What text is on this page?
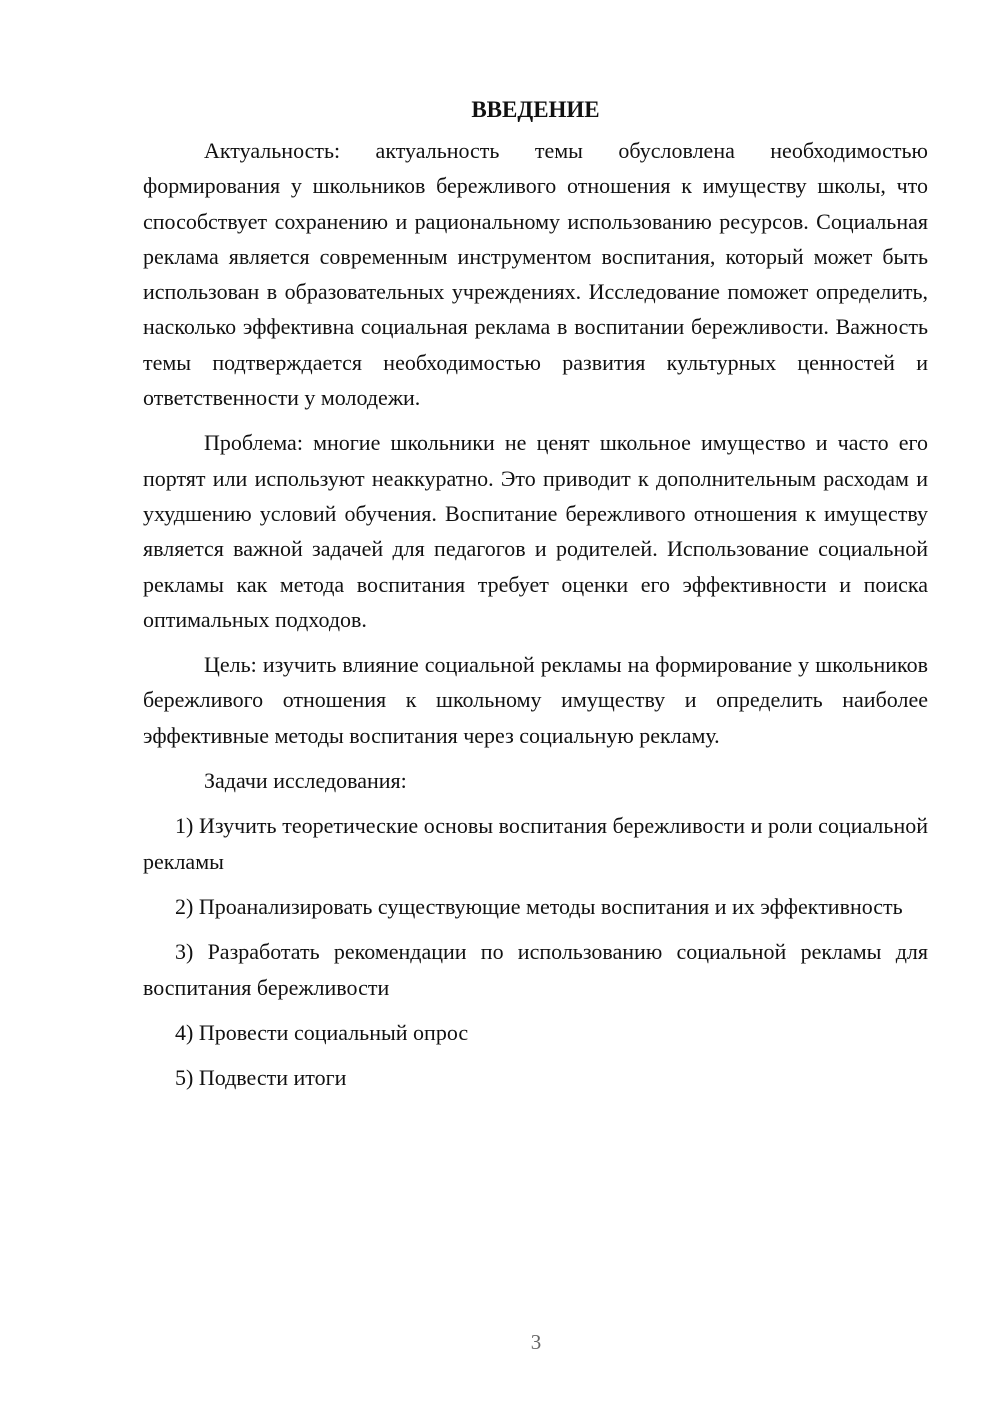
ВВЕДЕНИЕ

Актуальность: актуальность темы обусловлена необходимостью формирования у школьников бережливого отношения к имуществу школы, что способствует сохранению и рациональному использованию ресурсов. Социальная реклама является современным инструментом воспитания, который может быть использован в образовательных учреждениях. Исследование поможет определить, насколько эффективна социальная реклама в воспитании бережливости. Важность темы подтверждается необходимостью развития культурных ценностей и ответственности у молодежи.

Проблема: многие школьники не ценят школьное имущество и часто его портят или используют неаккуратно. Это приводит к дополнительным расходам и ухудшению условий обучения. Воспитание бережливого отношения к имуществу является важной задачей для педагогов и родителей. Использование социальной рекламы как метода воспитания требует оценки его эффективности и поиска оптимальных подходов.

Цель: изучить влияние социальной рекламы на формирование у школьников бережливого отношения к школьному имуществу и определить наиболее эффективные методы воспитания через социальную рекламу.

Задачи исследования:

1) Изучить теоретические основы воспитания бережливости и роли социальной рекламы

2) Проанализировать существующие методы воспитания и их эффективность

3) Разработать рекомендации по использованию социальной рекламы для воспитания бережливости

4) Провести социальный опрос

5) Подвести итоги

3
